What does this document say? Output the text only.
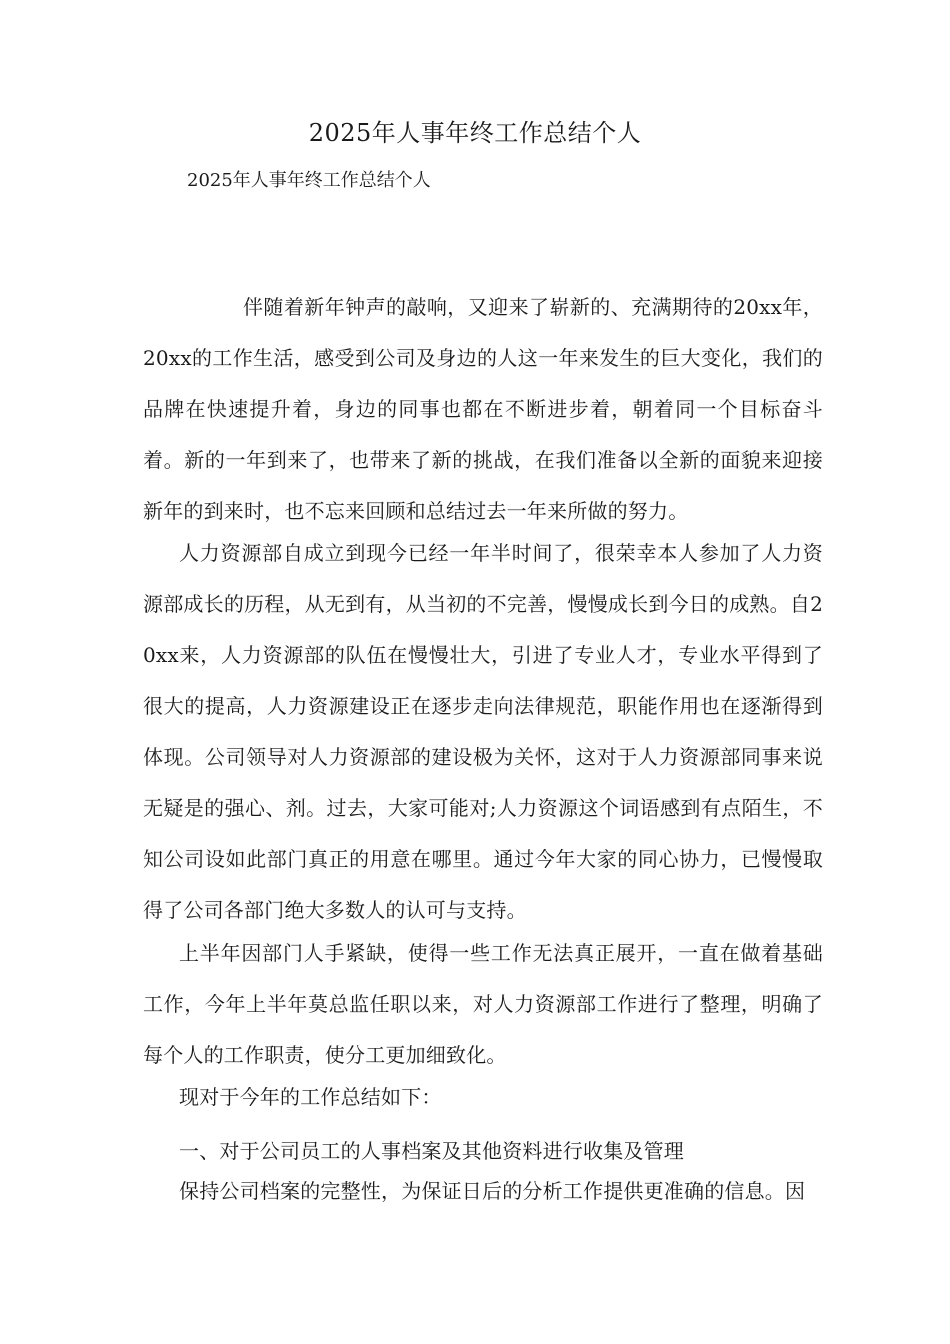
2025年人事年终工作总结个人
2025年人事年终工作总结个人

伴随着新年钟声的敲响，又迎来了崭新的、充满期待的20xx年，20xx的工作生活，感受到公司及身边的人这一年来发生的巨大变化，我们的品牌在快速提升着，身边的同事也都在不断进步着，朝着同一个目标奋斗着。新的一年到来了，也带来了新的挑战，在我们准备以全新的面貌来迎接新年的到来时，也不忘来回顾和总结过去一年来所做的努力。

人力资源部自成立到现今已经一年半时间了，很荣幸本人参加了人力资源部成长的历程，从无到有，从当初的不完善，慢慢成长到今日的成熟。自20xx来，人力资源部的队伍在慢慢壮大，引进了专业人才，专业水平得到了很大的提高，人力资源建设正在逐步走向法律规范，职能作用也在逐渐得到体现。公司领导对人力资源部的建设极为关怀，这对于人力资源部同事来说无疑是的强心、剂。过去，大家可能对;人力资源这个词语感到有点陌生，不知公司设如此部门真正的用意在哪里。通过今年大家的同心协力，已慢慢取得了公司各部门绝大多数人的认可与支持。

上半年因部门人手紧缺，使得一些工作无法真正展开，一直在做着基础工作，今年上半年莫总监任职以来，对人力资源部工作进行了整理，明确了每个人的工作职责，使分工更加细致化。

现对于今年的工作总结如下：

一、对于公司员工的人事档案及其他资料进行收集及管理

保持公司档案的完整性，为保证日后的分析工作提供更准确的信息。因
